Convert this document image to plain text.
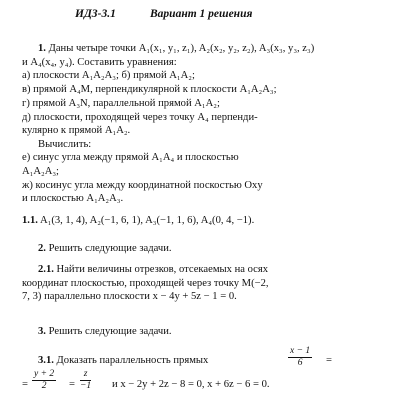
ИДЗ-3.1	Вариант 1 решения
1. Даны четыре точки A₁(x₁, y₁, z₁), A₂(x₂, y₂, z₂), A₃(x₃, y₃, z₃)
и A₄(x₄, y₄). Составить уравнения:
а) плоскости A₁A₂A₃; б) прямой A₁A₂;
в) прямой A₄M, перпендикулярной к плоскости A₁A₂A₃;
г) прямой A₃N, параллельной прямой A₁A₂;
д) плоскости, проходящей через точку A₄ перпенди-
кулярно к прямой A₁A₂.
Вычислить:
е) синус угла между прямой A₁A₄ и плоскостью
A₁A₂A₃;
ж) косинус угла между координатной поскостью Oxy
и плоскостью A₁A₂A₃.
1.1. A₁(3, 1, 4), A₂(−1, 6, 1), A₃(−1, 1, 6), A₄(0, 4, −1).
2. Решить следующие задачи.
2.1. Найти величины отрезков, отсекаемых на осях
координат плоскостью, проходящей через точку M(−2,
7, 3) параллельно плоскости x − 4y + 5z − 1 = 0.
3. Решить следующие задачи.
3.1. Доказать параллельность прямых
x − 1
6	=
=
y + 2
2	=
z
−1 и x − 2y + 2z − 8 = 0, x + 6z − 6 = 0.
